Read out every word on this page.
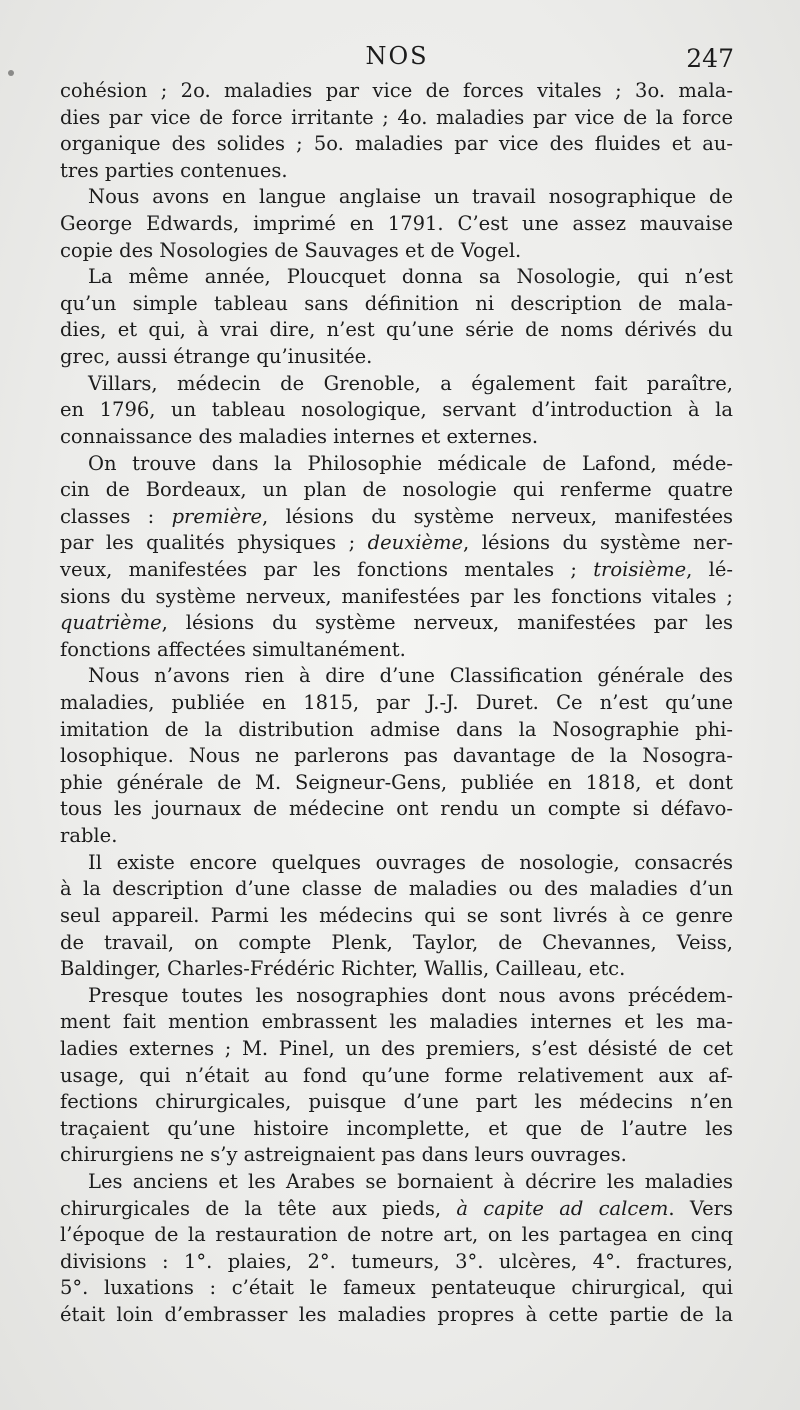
NOS	247
cohésion ; 2o. maladies par vice de forces vitales ; 3o. mala-
dies par vice de force irritante ; 4o. maladies par vice de la force
organique des solides ; 5o. maladies par vice des fluides et au-
tres parties contenues.
Nous avons en langue anglaise un travail nosographique de
George Edwards, imprimé en 1791. C’est une assez mauvaise
copie des Nosologies de Sauvages et de Vogel.
La même année, Ploucquet donna sa Nosologie, qui n’est
qu’un simple tableau sans définition ni description de mala-
dies, et qui, à vrai dire, n’est qu’une série de noms dérivés du
grec, aussi étrange qu’inusitée.
Villars, médecin de Grenoble, a également fait paraître,
en 1796, un tableau nosologique, servant d’introduction à la
connaissance des maladies internes et externes.
On trouve dans la Philosophie médicale de Lafond, méde-
cin de Bordeaux, un plan de nosologie qui renferme quatre
classes : première, lésions du système nerveux, manifestées
par les qualités physiques ; deuxième, lésions du système ner-
veux, manifestées par les fonctions mentales ; troisième, lé-
sions du système nerveux, manifestées par les fonctions vitales ;
quatrième, lésions du système nerveux, manifestées par les
fonctions affectées simultanément.
Nous n’avons rien à dire d’une Classification générale des
maladies, publiée en 1815, par J.-J. Duret. Ce n’est qu’une
imitation de la distribution admise dans la Nosographie phi-
losophique. Nous ne parlerons pas davantage de la Nosogra-
phie générale de M. Seigneur-Gens, publiée en 1818, et dont
tous les journaux de médecine ont rendu un compte si défavo-
rable.
Il existe encore quelques ouvrages de nosologie, consacrés
à la description d’une classe de maladies ou des maladies d’un
seul appareil. Parmi les médecins qui se sont livrés à ce genre
de travail, on compte Plenk, Taylor, de Chevannes, Veiss,
Baldinger, Charles-Frédéric Richter, Wallis, Cailleau, etc.
Presque toutes les nosographies dont nous avons précédem-
ment fait mention embrassent les maladies internes et les ma-
ladies externes ; M. Pinel, un des premiers, s’est désisté de cet
usage, qui n’était au fond qu’une forme relativement aux af-
fections chirurgicales, puisque d’une part les médecins n’en
traçaient qu’une histoire incomplette, et que de l’autre les
chirurgiens ne s’y astreignaient pas dans leurs ouvrages.
Les anciens et les Arabes se bornaient à décrire les maladies
chirurgicales de la tête aux pieds, à capite ad calcem. Vers
l’époque de la restauration de notre art, on les partagea en cinq
divisions : 1°. plaies, 2°. tumeurs, 3°. ulcères, 4°. fractures,
5°. luxations : c’était le fameux pentateuque chirurgical, qui
était loin d’embrasser les maladies propres à cette partie de la
